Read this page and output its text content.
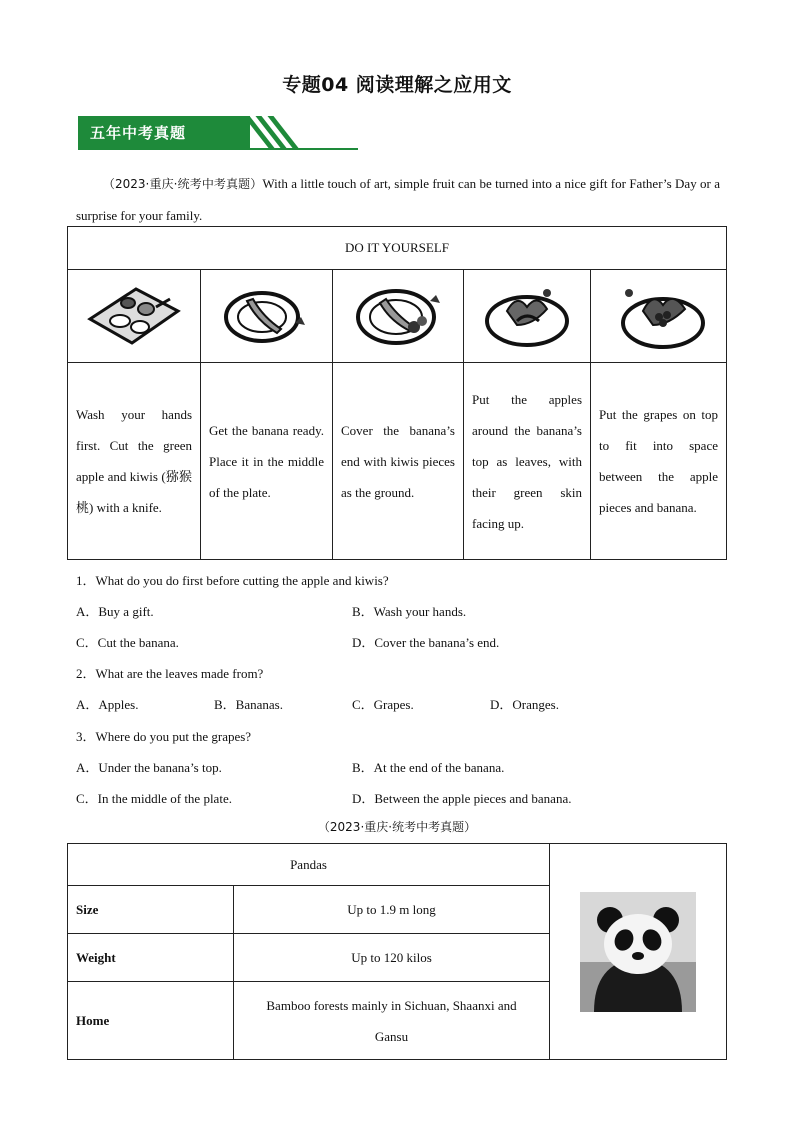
专题04 阅读理解之应用文
五年中考真题
（2023·重庆·统考中考真题）With a little touch of art, simple fruit can be turned into a nice gift for Father’s Day or a surprise for your family.
DO IT YOURSELF				

Wash your hands first. Cut the green apple and kiwis (猕猴桃) with a knife.	Get the banana ready. Place it in the middle of the plate.	Cover the banana’s end with kiwis pieces as the ground.	Put the apples around the banana’s top as leaves, with their green skin facing up.	Put the grapes on top to fit into space between the apple pieces and banana.
1．What do you do first before cutting the apple and kiwis?
A．Buy a gift.	B．Wash your hands.
C．Cut the banana.	D．Cover the banana’s end.
2．What are the leaves made from?
A．Apples.	B．Bananas.	C．Grapes.	D．Oranges.
3．Where do you put the grapes?
A．Under the banana’s top.	B．At the end of the banana.
C．In the middle of the plate.	D．Between the apple pieces and banana.
（2023·重庆·统考中考真题）
Pandas	

Size	Up to 1.9 m long	
Weight	Up to 120 kilos	
Home	Bamboo forests mainly in Sichuan, Shaanxi and Gansu	
